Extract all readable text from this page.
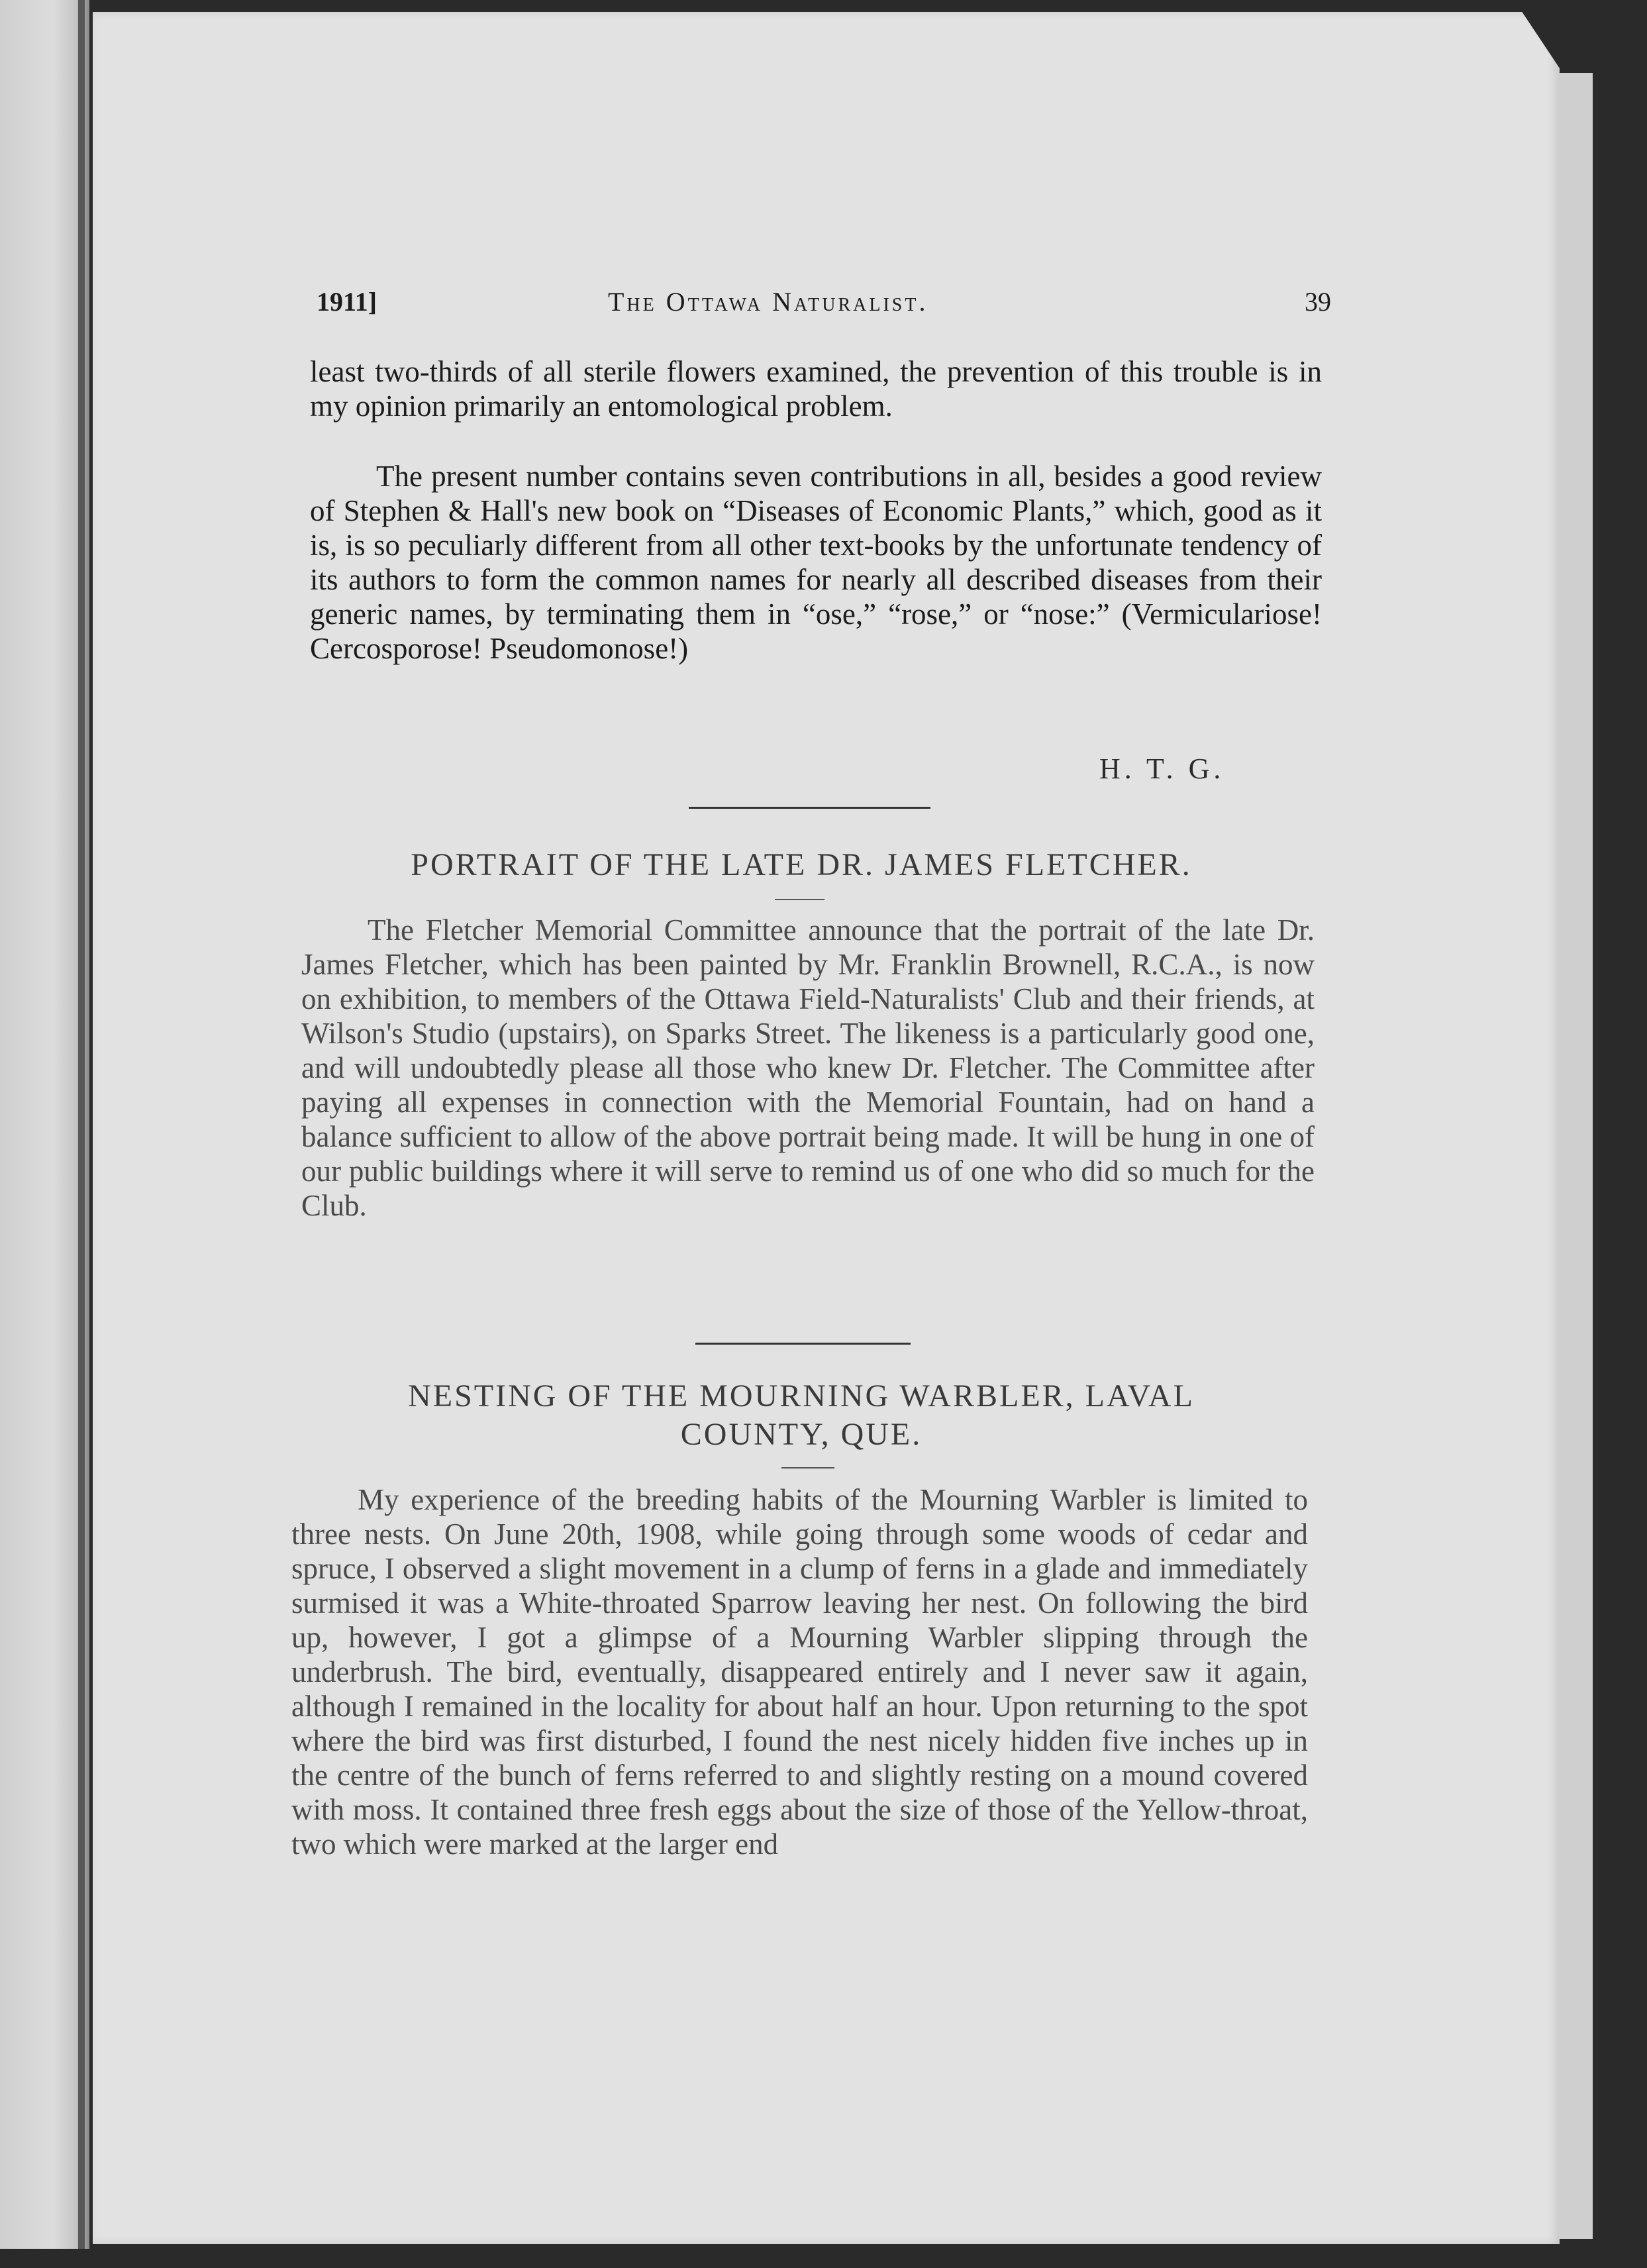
1911]	The Ottawa Naturalist.	39
least two-thirds of all sterile flowers examined, the prevention of this trouble is in my opinion primarily an entomological problem.
The present number contains seven contributions in all, besides a good review of Stephen & Hall's new book on “Diseases of Economic Plants,” which, good as it is, is so peculiarly different from all other text-books by the unfortunate tendency of its authors to form the common names for nearly all described diseases from their generic names, by terminating them in “ose,” “rose,” or “nose:” (Vermiculariose! Cercosporose! Pseudomonose!)
H. T. G.
PORTRAIT OF THE LATE DR. JAMES FLETCHER.
The Fletcher Memorial Committee announce that the portrait of the late Dr. James Fletcher, which has been painted by Mr. Franklin Brownell, R.C.A., is now on exhibition, to members of the Ottawa Field-Naturalists' Club and their friends, at Wilson's Studio (upstairs), on Sparks Street. The likeness is a particularly good one, and will undoubtedly please all those who knew Dr. Fletcher. The Committee after paying all expenses in connection with the Memorial Fountain, had on hand a balance sufficient to allow of the above portrait being made. It will be hung in one of our public buildings where it will serve to remind us of one who did so much for the Club.
NESTING OF THE MOURNING WARBLER, LAVAL
COUNTY, QUE.
My experience of the breeding habits of the Mourning Warbler is limited to three nests. On June 20th, 1908, while going through some woods of cedar and spruce, I observed a slight movement in a clump of ferns in a glade and immediately surmised it was a White-throated Sparrow leaving her nest. On following the bird up, however, I got a glimpse of a Mourning Warbler slipping through the underbrush. The bird, eventually, disappeared entirely and I never saw it again, although I remained in the locality for about half an hour. Upon returning to the spot where the bird was first disturbed, I found the nest nicely hidden five inches up in the centre of the bunch of ferns referred to and slightly resting on a mound covered with moss. It contained three fresh eggs about the size of those of the Yellow-throat, two which were marked at the larger end
